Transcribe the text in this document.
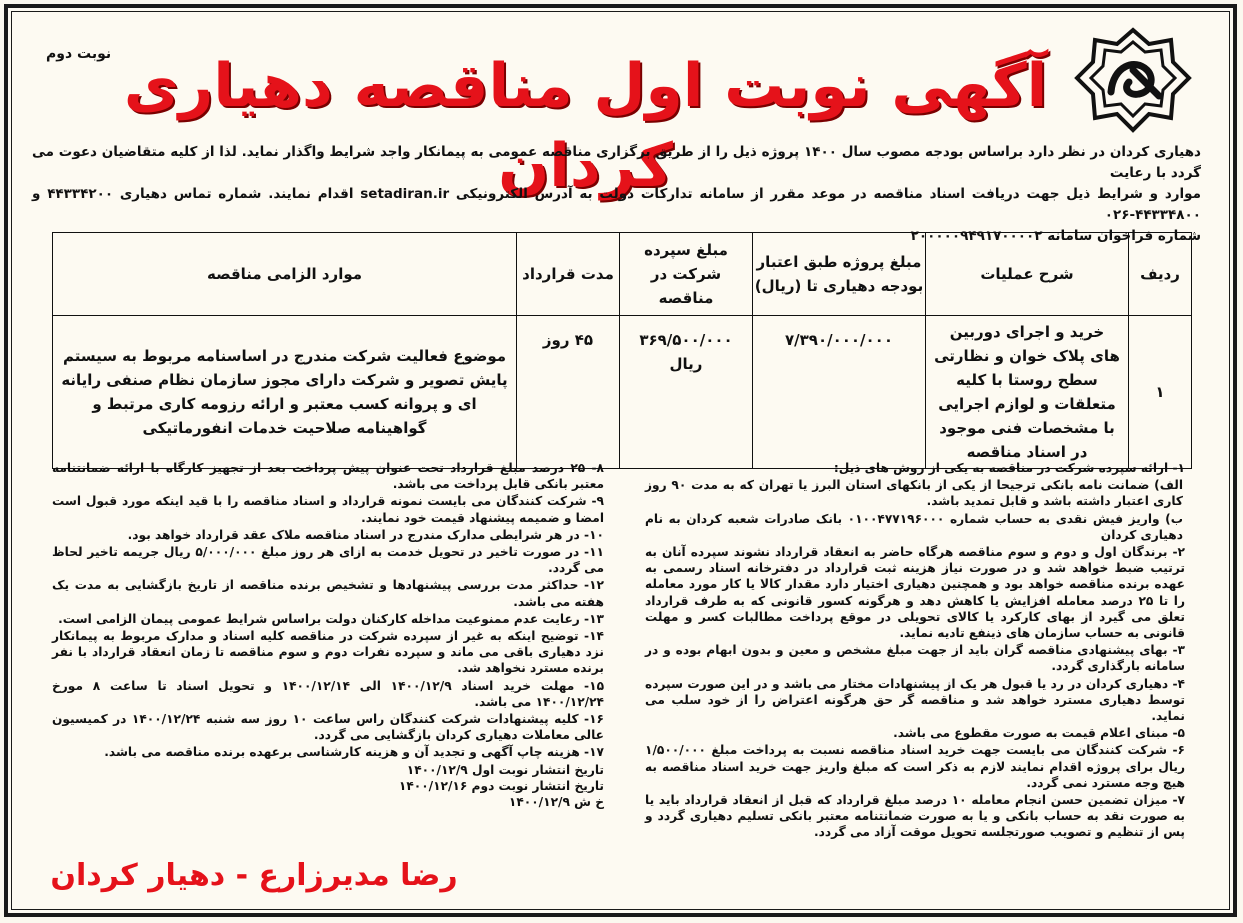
نوبت دوم آگهی نوبت اول مناقصه دهیاری کردان

دهیاری کردان در نظر دارد براساس بودجه مصوب سال ۱۴۰۰ پروژه ذیل را از طریق برگزاری مناقصه عمومی به پیمانکار واجد شرایط واگذار نماید. لذا از کلیه متقاضیان دعوت می گردد با رعایت

موارد و شرایط ذیل جهت دریافت اسناد مناقصه در موعد مقرر از سامانه تدارکات دولت به آدرس الکترونیکی setadiran.ir اقدام نمایند. شماره تماس دهیاری ۴۴۳۳۴۲۰۰ و ۴۴۳۳۴۸۰۰-۰۲۶

شماره فراخوان سامانه ۲۰۰۰۰۰۹۴۹۱۷۰۰۰۰۲

ردیف	شرح عملیات	مبلغ پروژه طبق اعتبار بودجه دهیاری تا (ریال)	مبلغ سپرده شرکت در مناقصه	مدت قرارداد	موارد الزامی مناقصه
۱	خرید و اجرای دوربین های پلاک خوان و نظارتی سطح روستا با کلیه متعلقات و لوازم اجرایی با مشخصات فنی موجود در اسناد مناقصه	۷/۳۹۰/۰۰۰/۰۰۰	۳۶۹/۵۰۰/۰۰۰ ریال	۴۵ روز	موضوع فعالیت شرکت مندرج در اساسنامه مربوط به سیستم پایش تصویر و شرکت دارای مجوز سازمان نظام صنفی رایانه ای و پروانه کسب معتبر و ارائه رزومه کاری مرتبط و گواهینامه صلاحیت خدمات انفورماتیکی
۱- ارائه سپرده شرکت در مناقصه به یکی از روش های ذیل:
الف) ضمانت نامه بانکی ترجیحا از یکی از بانکهای استان البرز یا تهران که به مدت ۹۰ روز کاری اعتبار داشته باشد و قابل تمدید باشد.
ب) واریز فیش نقدی به حساب شماره ۰۱۰۰۴۷۷۱۹۶۰۰۰ بانک صادرات شعبه کردان به نام دهیاری کردان
۲- برندگان اول و دوم و سوم مناقصه هرگاه حاضر به انعقاد قرارداد نشوند سپرده آنان به ترتیب ضبط خواهد شد و در صورت نیاز هزینه ثبت قرارداد در دفترخانه اسناد رسمی به عهده برنده مناقصه خواهد بود و همچنین دهیاری اختیار دارد مقدار کالا یا کار مورد معامله را تا ۲۵ درصد معامله افزایش یا کاهش دهد و هرگونه کسور قانونی که به طرف قرارداد تعلق می گیرد از بهای کارکرد یا کالای تحویلی در موقع پرداخت مطالبات کسر و مهلت قانونی به حساب سازمان های ذینفع تادیه نماید.
۳- بهای پیشنهادی مناقصه گران باید از جهت مبلغ مشخص و معین و بدون ابهام بوده و در سامانه بارگذاری گردد.
۴- دهیاری کردان در رد یا قبول هر یک از پیشنهادات مختار می باشد و در این صورت سپرده توسط دهیاری مسترد خواهد شد و مناقصه گر حق هرگونه اعتراض را از خود سلب می نماید.
۵- مبنای اعلام قیمت به صورت مقطوع می باشد.
۶- شرکت کنندگان می بایست جهت خرید اسناد مناقصه نسبت به پرداخت مبلغ ۱/۵۰۰/۰۰۰ ریال برای پروژه اقدام نمایند لازم به ذکر است که مبلغ واریز جهت خرید اسناد مناقصه به هیچ وجه مسترد نمی گردد.
۷- میزان تضمین حسن انجام معامله ۱۰ درصد مبلغ قرارداد که قبل از انعقاد قرارداد باید یا به صورت نقد به حساب بانکی و یا به صورت ضمانتنامه معتبر بانکی تسلیم دهیاری گردد و پس از تنظیم و تصویب صورتجلسه تحویل موقت آزاد می گردد.
۸- ۲۵ درصد مبلغ قرارداد تحت عنوان پیش پرداخت بعد از تجهیز کارگاه با ارائه ضمانتنامه معتبر بانکی قابل پرداخت می باشد.
۹- شرکت کنندگان می بایست نمونه قرارداد و اسناد مناقصه را با قید اینکه مورد قبول است امضا و ضمیمه پیشنهاد قیمت خود نمایند.
۱۰- در هر شرایطی مدارک مندرج در اسناد مناقصه ملاک عقد قرارداد خواهد بود.
۱۱- در صورت تاخیر در تحویل خدمت به ازای هر روز مبلغ ۵/۰۰۰/۰۰۰ ریال جریمه تاخیر لحاظ می گردد.
۱۲- حداکثر مدت بررسی پیشنهادها و تشخیص برنده مناقصه از تاریخ بازگشایی به مدت یک هفته می باشد.
۱۳- رعایت عدم ممنوعیت مداخله کارکنان دولت براساس شرایط عمومی پیمان الزامی است.
۱۴- توضیح اینکه به غیر از سپرده شرکت در مناقصه کلیه اسناد و مدارک مربوط به پیمانکار نزد دهیاری باقی می ماند و سپرده نفرات دوم و سوم مناقصه تا زمان انعقاد قرارداد با نفر برنده مسترد نخواهد شد.
۱۵- مهلت خرید اسناد ۱۴۰۰/۱۲/۹ الی ۱۴۰۰/۱۲/۱۴ و تحویل اسناد تا ساعت ۸ مورخ ۱۴۰۰/۱۲/۲۴ می باشد.
۱۶- کلیه پیشنهادات شرکت کنندگان راس ساعت ۱۰ روز سه شنبه ۱۴۰۰/۱۲/۲۴ در کمیسیون عالی معاملات دهیاری کردان بازگشایی می گردد.
۱۷- هزینه چاپ آگهی و تجدید آن و هزینه کارشناسی برعهده برنده مناقصه می باشد.

تاریخ انتشار نوبت اول ۱۴۰۰/۱۲/۹

تاریخ انتشار نوبت دوم ۱۴۰۰/۱۲/۱۶

خ ش ۱۴۰۰/۱۲/۹

رضا مدیرزارع - دهیار کردان
